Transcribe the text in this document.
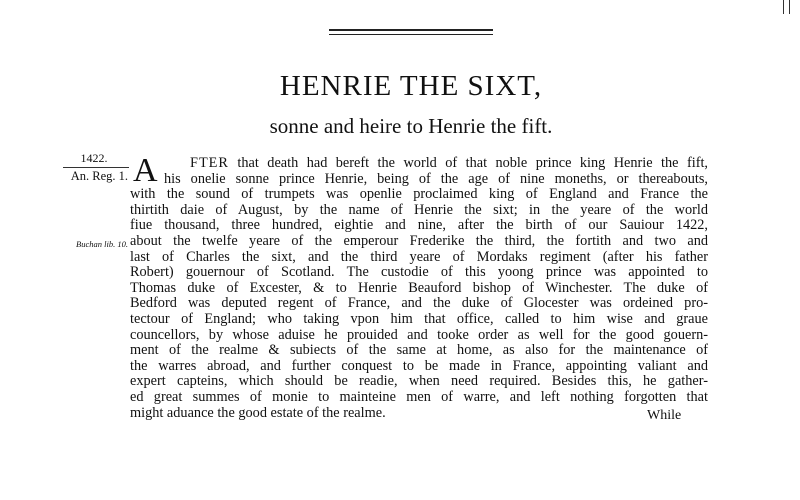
HENRIE THE SIXT,
sonne and heire to Henrie the fift.
1422.
An. Reg. 1.
Buchan lib. 10.
A	FTER that death had bereft the world of that noble prince king Henrie the fift,
his onelie sonne prince Henrie, being of the age of nine moneths, or thereabouts,
with the sound of trumpets was openlie proclaimed king of England and France the
thirtith daie of August, by the name of Henrie the sixt; in the yeare of the world
fiue thousand, three hundred, eightie and nine, after the birth of our Sauiour 1422,
about the twelfe yeare of the emperour Frederike the third, the fortith and two and
last of Charles the sixt, and the third yeare of Mordaks regiment (after his father
Robert) gouernour of Scotland. The custodie of this yoong prince was appointed to
Thomas duke of Excester, & to Henrie Beauford bishop of Winchester. The duke of
Bedford was deputed regent of France, and the duke of Glocester was ordeined pro-
tectour of England; who taking vpon him that office, called to him wise and graue
councellors, by whose aduise he prouided and tooke order as well for the good gouern-
ment of the realme & subiects of the same at home, as also for the maintenance of
the warres abroad, and further conquest to be made in France, appointing valiant and
expert capteins, which should be readie, when need required. Besides this, he gather-
ed great summes of monie to mainteine men of warre, and left nothing forgotten that
might aduance the good estate of the realme.	While
